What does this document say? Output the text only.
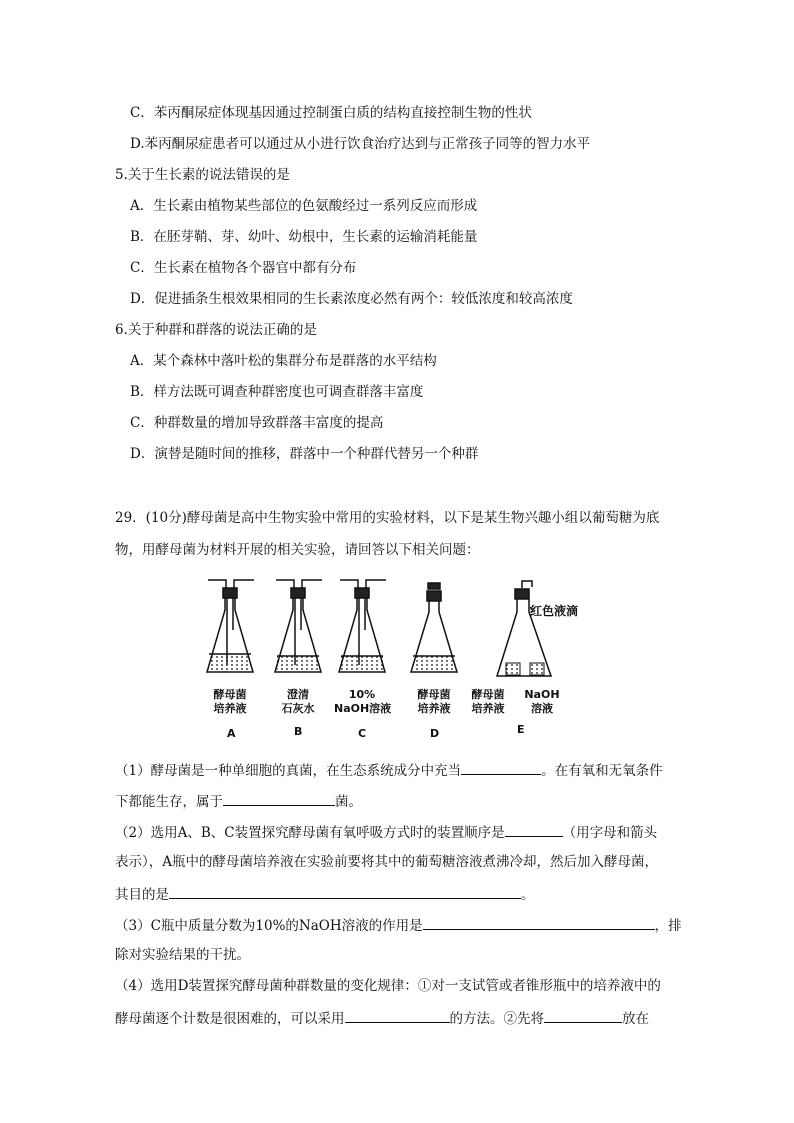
C．苯丙酮尿症体现基因通过控制蛋白质的结构直接控制生物的性状
D.苯丙酮尿症患者可以通过从小进行饮食治疗达到与正常孩子同等的智力水平
5.关于生长素的说法错误的是
A．生长素由植物某些部位的色氨酸经过一系列反应而形成
B．在胚芽鞘、芽、幼叶、幼根中，生长素的运输消耗能量
C．生长素在植物各个器官中都有分布
D．促进插条生根效果相同的生长素浓度必然有两个：较低浓度和较高浓度
6.关于种群和群落的说法正确的是
A．某个森林中落叶松的集群分布是群落的水平结构
B．样方法既可调查种群密度也可调查群落丰富度
C．种群数量的增加导致群落丰富度的提高
D．演替是随时间的推移，群落中一个种群代替另一个种群
29．(10分)酵母菌是高中生物实验中常用的实验材料，以下是某生物兴趣小组以葡萄糖为底
物，用酵母菌为材料开展的相关实验，请回答以下相关问题：
红色液滴
酵母菌
培养液
澄清
石灰水
10%
NaOH溶液
酵母菌
培养液
酵母菌
培养液
NaOH
溶液
A	B	C	D	E
（1）酵母菌是一种单细胞的真菌，在生态系统成分中充当	。在有氧和无氧条件
下都能生存，属于	菌。
（2）选用A、B、C装置探究酵母菌有氧呼吸方式时的装置顺序是	（用字母和箭头
表示），A瓶中的酵母菌培养液在实验前要将其中的葡萄糖溶液煮沸冷却，然后加入酵母菌，
其目的是	。
（3）C瓶中质量分数为10%的NaOH溶液的作用是	，排
除对实验结果的干扰。
（4）选用D装置探究酵母菌种群数量的变化规律：①对一支试管或者锥形瓶中的培养液中的
酵母菌逐个计数是很困难的，可以采用	的方法。②先将	放在
